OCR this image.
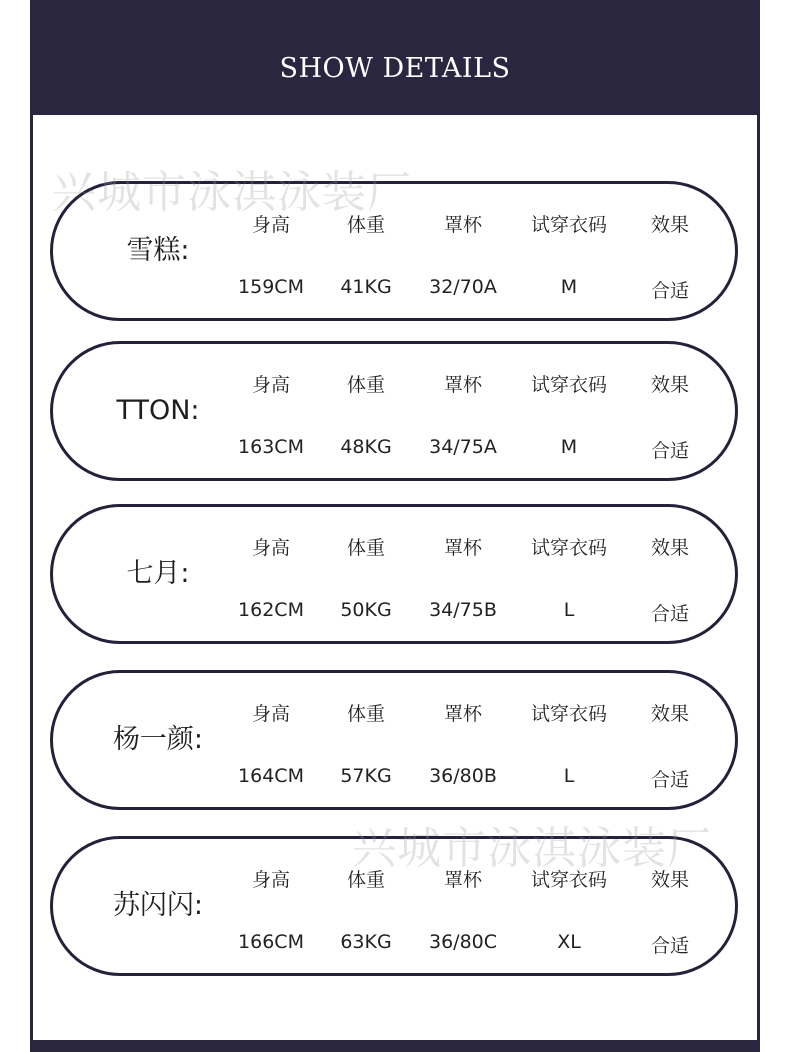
SHOW DETAILS
兴城市泳淇泳装厂
兴城市泳淇泳装厂
雪糕:
身高	体重	罩杯	试穿衣码	效果
159CM	41KG	32/70A	M	合适
TTON:
身高	体重	罩杯	试穿衣码	效果
163CM	48KG	34/75A	M	合适
七月:
身高	体重	罩杯	试穿衣码	效果
162CM	50KG	34/75B	L	合适
杨一颜:
身高	体重	罩杯	试穿衣码	效果
164CM	57KG	36/80B	L	合适
苏闪闪:
身高	体重	罩杯	试穿衣码	效果
166CM	63KG	36/80C	XL	合适
